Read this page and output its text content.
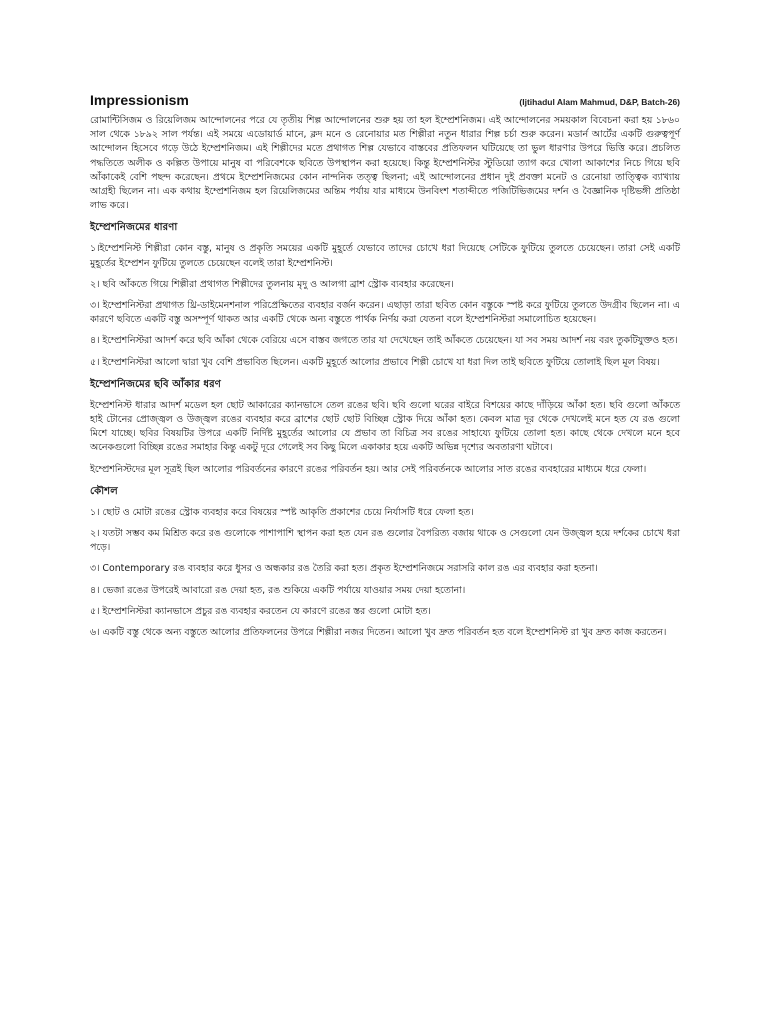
Impressionism	(Ijtihadul Alam Mahmud, D&P, Batch-26)

রোমান্টিসিজম ও রিয়েলিজম আন্দোলনের পরে যে তৃতীয় শিল্প আন্দোলনের শুরু হয় তা হল ইম্প্রেশনিজম। এই আন্দোলনের সময়কাল বিবেচনা করা হয় ১৮৬০ সাল থেকে ১৮৯২ সাল পর্যন্ত। এই সময়ে এডোয়ার্ড মানে, ক্লদ মনে ও রেনোয়ার মত শিল্পীরা নতুন ধারার শিল্প চর্চা শুরু করেন। মডার্ন আর্টের একটি গুরুত্বপূর্ণ আন্দোলন হিসেবে গড়ে উঠে ইম্প্রেশনিজম। এই শিল্পীদের মতে প্রথাগত শিল্প যেভাবে বাস্তবের প্রতিফলন ঘটিয়েছে তা ভুল ধারণার উপরে ভিত্তি করে। প্রচলিত পদ্ধতিতে অলীক ও কল্পিত উপায়ে মানুষ বা পরিবেশকে ছবিতে উপস্থাপন করা হয়েছে। কিন্তু ইম্প্রেশনিস্টর স্টুডিয়ো ত্যাগ করে খোলা আকাশের নিচে গিয়ে ছবি আঁকাকেই বেশি পছন্দ করেছেন। প্রথমে ইম্প্রেশনিজমের কোন নান্দনিক তত্ত্ব ছিলনা; এই আন্দোলনের প্রধান দুই প্রবক্তা মনেট ও রেনোয়া তাত্ত্বিক ব্যাখ্যায় আগ্রহী ছিলেন না। এক কথায় ইম্প্রেশনিজম হল রিয়েলিজমের অন্তিম পর্যায় যার মাধ্যমে উনবিংশ শতাব্দীতে পজিটিভিজমের দর্শন ও বৈজ্ঞানিক দৃষ্টিভঙ্গী প্রতিষ্ঠা লাভ করে।

ইম্প্রেশনিজমের ধারণা

১।ইম্প্রেশনিস্ট শিল্পীরা কোন বস্তু, মানুষ ও প্রকৃতি সময়ের একটি মুহূর্তে যেভাবে তাদের চোখে ধরা দিয়েছে সেটিকে ফুটিয়ে তুলতে চেয়েছেন। তারা সেই একটি মুহূর্তের ইম্প্রেশন ফুটিয়ে তুলতে চেয়েছেন বলেই তারা ইম্প্রেশনিস্ট।

২। ছবি আঁকতে গিয়ে শিল্পীরা প্রথাগত শিল্পীদের তুলনায় মৃদু ও আলগা ব্রাশ স্ট্রোক ব্যবহার করেছেন।

৩। ইম্প্রেশনিস্টরা প্রথাগত থ্রি-ডাইমেনশনাল পরিপ্রেক্ষিতের ব্যবহার বর্জন করেন। এছাড়া তারা ছবিত কোন বস্তুকে স্পষ্ট করে ফুটিয়ে তুলতে উদগ্রীব ছিলেন না। এ কারণে ছবিতে একটি বস্তু অসম্পূর্ণ থাকত আর একটি থেকে অন্য বস্তুতে পার্থক নির্ণয় করা যেতনা বলে ইম্প্রেশনিস্টরা সমালোচিত হয়েছেন।

৪। ইম্প্রেশনিস্টরা আদর্শ করে ছবি আঁকা থেকে বেরিয়ে এসে বাস্তব জগতে তার যা দেখেছেন তাই আঁকতে চেয়েছেন। যা সব সময় আদর্শ নয় বরং তুকটিযুক্তও হত।

৫। ইম্প্রেশনিস্টরা আলো দ্বারা খুব বেশি প্রভাবিত ছিলেন। একটি মুহূর্তে আলোর প্রভাবে শিল্পী চোখে যা ধরা দিল তাই ছবিতে ফুটিয়ে তোলাই ছিল মূল বিষয়।

ইম্প্রেশনিজমের ছবি আঁকার ধরণ

ইম্প্রেশনিস্ট ধারার আদর্শ মডেল হল ছোট আকারের ক্যানভাসে তেল রঙের ছবি। ছবি গুলো ঘরের বাইরে বিশয়ের কাছে দাঁড়িয়ে আঁকা হত। ছবি গুলো আঁকতে হাই টোনের প্রোজ্জ্বল ও উজ্জ্বল রঙের ব্যবহার করে ব্রাশের ছোট ছোট বিচ্ছিন্ন স্ট্রোক দিয়ে আঁকা হত। কেবল মাত্র দূর থেকে দেখলেই মনে হত যে রঙ গুলো মিশে যাচ্ছে। ছবির বিষয়টির উপরে একটি নির্দিষ্ট মুহূর্তের আলোর যে প্রভাব তা বিচিত্র সব রঙের সাহায্যে ফুটিয়ে তোলা হত। কাছে থেকে দেখলে মনে হবে অনেকগুলো বিচ্ছিন্ন রঙের সমাহার কিন্তু একটু দূরে গেলেই সব কিছু মিলে একাকার হয়ে একটি অভিন্ন দৃশ্যের অবতারণা ঘটাবে।

ইম্প্রেশনিস্টদের মূল সূত্রই ছিল আলোর পরিবর্তনের কারণে রঙের পরিবর্তন হয়। আর সেই পরিবর্তনকে আলোর সাত রঙের ব্যবহারের মাধ্যমে ধরে ফেলা।

কৌশল

১। ছোট ও মোটা রঙের স্ট্রোক ব্যবহার করে বিষয়ের স্পষ্ট আকৃতি প্রকাশের চেয়ে নির্যাসটি ধরে ফেলা হত।

২। যতটা সম্ভব কম মিশ্রিত করে রঙ গুলোকে পাশাপাশি স্থাপন করা হত যেন রঙ গুলোর বৈপরিত্য বজায় থাকে ও সেগুলো যেন উজ্জ্বল হয়ে দর্শকের চোখে ধরা পড়ে।

৩। Contemporary রঙ ব্যবহার করে ধুসর ও অন্ধকার রঙ তৈরি করা হত। প্রকৃত ইম্প্রেশনিজমে সরাসরি কাল রঙ এর ব্যবহার করা হতনা।

৪। ভেজা রঙের উপরেই আবারো রঙ দেয়া হত, রঙ শুকিয়ে একটি পর্যায়ে যাওয়ার সময় দেয়া হতোনা।

৫। ইম্প্রেশনিস্টরা ক্যানভাসে প্রচুর রঙ ব্যবহার করতেন যে কারণে রঙের স্তর গুলো মোটা হত।

৬। একটি বস্তু থেকে অন্য বস্তুতে আলোর প্রতিফলনের উপরে শিল্পীরা নজর দিতেন। আলো খুব দ্রুত পরিবর্তন হত বলে ইম্প্রেশনিস্ট রা খুব দ্রুত কাজ করতেন।
